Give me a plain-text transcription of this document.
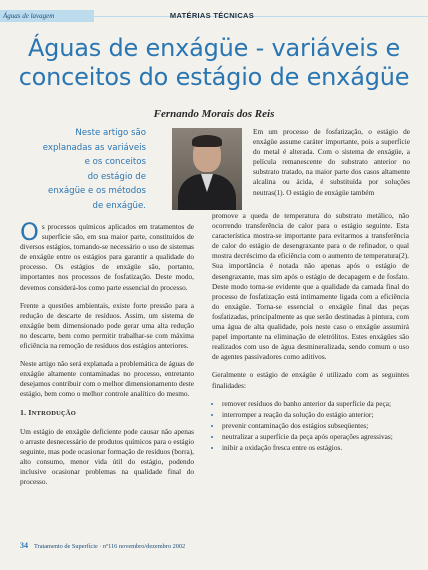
Águas de lavagem	MATÉRIAS TÉCNICAS
Águas de enxágüe - variáveis e
conceitos do estágio de enxágüe
Fernando Morais dos Reis
Neste artigo são
explanadas as variáveis
e os conceitos
do estágio de
enxágüe e os métodos
de enxágüe.

Em um processo de fosfatização, o estágio de enxágüe assume caráter importante, pois a superfície do metal é alterada. Com o sistema de enxágüe, a película remanescente do substrato anterior no substrato tratado, na maior parte dos casos altamente alcalina ou ácida, é substituída por soluções neutras(1). O estágio de enxágüe também

Os processos químicos aplicados em tratamentos de superfície são, em sua maior parte, constituídos de diversos estágios, tornando-se necessário o uso de sistemas de enxágüe entre os estágios para garantir a qualidade do processo. Os estágios de enxágüe são, portanto, importantes nos processos de fosfatização. Deste modo, devemos considerá-los como parte essencial do processo.

Frente a questões ambientais, existe forte pressão para a redução de descarte de resíduos. Assim, um sistema de enxágüe bem dimensionado pode gerar uma alta redução no descarte, bem como permitir trabalhar-se com máxima eficiência na remoção de resíduos dos estágios anteriores.

Neste artigo não será explanada a problemática de águas de enxágüe altamente contaminadas no processo, entretanto desejamos contribuir com o melhor dimensionamento deste estágio, bem como o melhor controle analítico do mesmo.

1. INTRODUÇÃO

Um estágio de enxágüe deficiente pode causar não apenas o arraste desnecessário de produtos químicos para o estágio seguinte, mas pode ocasionar formação de resíduos (borra), alto consumo, menor vida útil do estágio, podendo inclusive ocasionar problemas na qualidade final do processo.

promove a queda de temperatura do substrato metálico, não ocorrendo transferência de calor para o estágio seguinte. Esta característica mostra-se importante para evitarmos a transferência de calor do estágio de desengraxante para o de refinador, o qual mostra decréscimo da eficiência com o aumento de temperatura(2). Sua importância é notada não apenas após o estágio de desengraxante, mas sim após o estágio de decapagem e de fosfato. Deste modo torna-se evidente que a qualidade da camada final do processo de fosfatização está intimamente ligada com a eficiência do enxágüe. Torna-se essencial o enxágüe final das peças fosfatizadas, principalmente as que serão destinadas à pintura, com uma água de alta qualidade, pois neste caso o enxágüe assumirá papel importante na eliminação de eletrólitos. Estes enxágües são realizados com uso de água desmineralizada, sendo comum o uso de agentes passivadores como aditivos.

Geralmente o estágio de enxágüe é utilizado com as seguintes finalidades:

• remover resíduos do banho anterior da superfície da peça;
• interromper a reação da solução do estágio anterior;
• prevenir contaminação dos estágios subseqüentes;
• neutralizar a superfície da peça após operações agressivas;
• inibir a oxidação fresca entre os estágios.
34 Tratamento de Superfície · nº116 novembro/dezembro 2002
